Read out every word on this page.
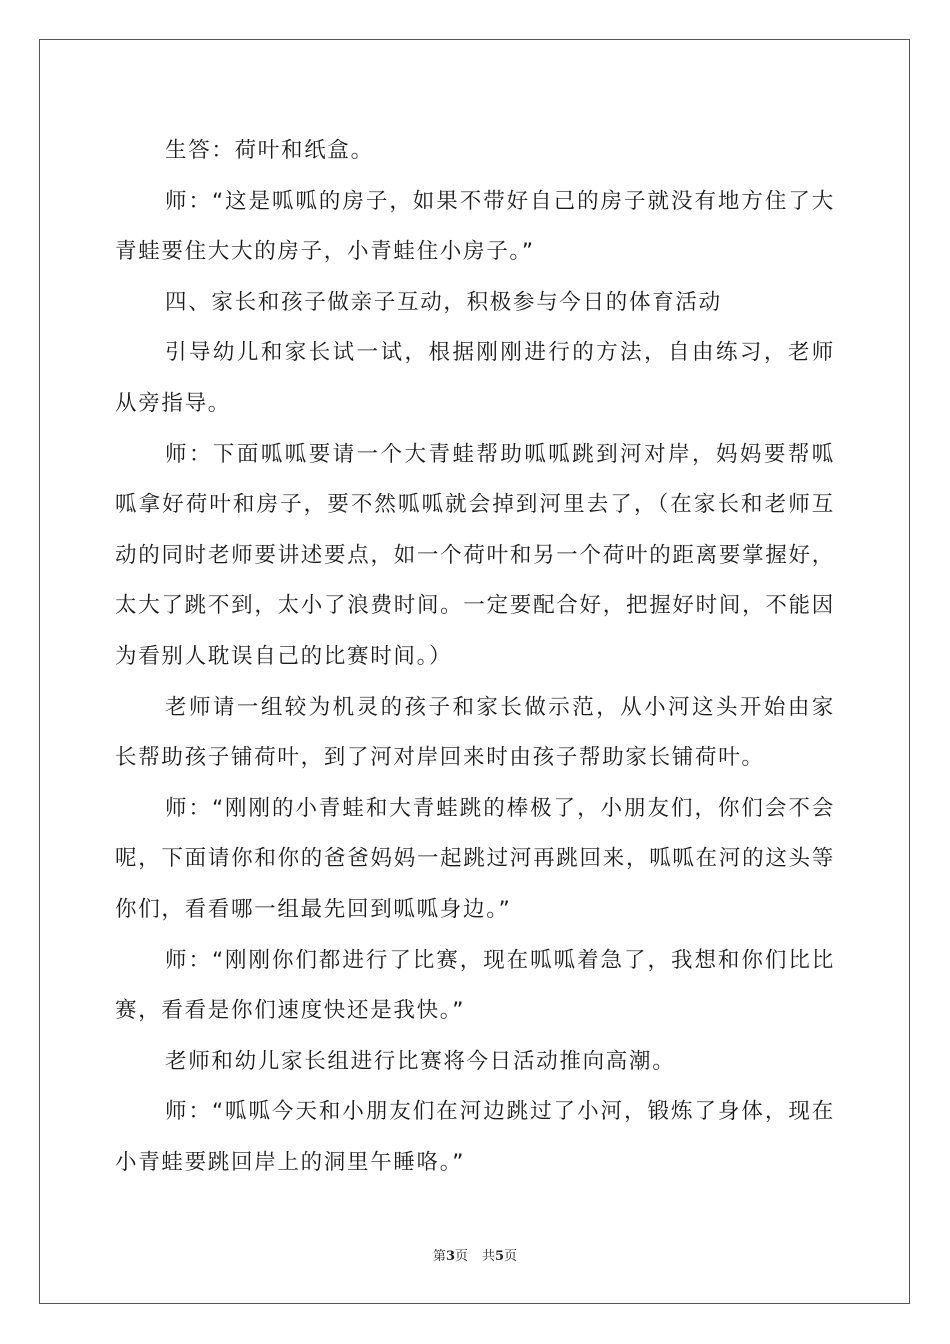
生答：荷叶和纸盒。

师：“这是呱呱的房子，如果不带好自己的房子就没有地方住了大青蛙要住大大的房子，小青蛙住小房子。”

四、家长和孩子做亲子互动，积极参与今日的体育活动

引导幼儿和家长试一试，根据刚刚进行的方法，自由练习，老师从旁指导。

师：下面呱呱要请一个大青蛙帮助呱呱跳到河对岸，妈妈要帮呱呱拿好荷叶和房子，要不然呱呱就会掉到河里去了，（在家长和老师互动的同时老师要讲述要点，如一个荷叶和另一个荷叶的距离要掌握好，太大了跳不到，太小了浪费时间。一定要配合好，把握好时间，不能因为看别人耽误自己的比赛时间。）

老师请一组较为机灵的孩子和家长做示范，从小河这头开始由家长帮助孩子铺荷叶，到了河对岸回来时由孩子帮助家长铺荷叶。

师：“刚刚的小青蛙和大青蛙跳的棒极了，小朋友们，你们会不会呢，下面请你和你的爸爸妈妈一起跳过河再跳回来，呱呱在河的这头等你们，看看哪一组最先回到呱呱身边。”

师：“刚刚你们都进行了比赛，现在呱呱着急了，我想和你们比比赛，看看是你们速度快还是我快。”

老师和幼儿家长组进行比赛将今日活动推向高潮。

师：“呱呱今天和小朋友们在河边跳过了小河，锻炼了身体，现在小青蛙要跳回岸上的洞里午睡咯。”

第3页 共5页
